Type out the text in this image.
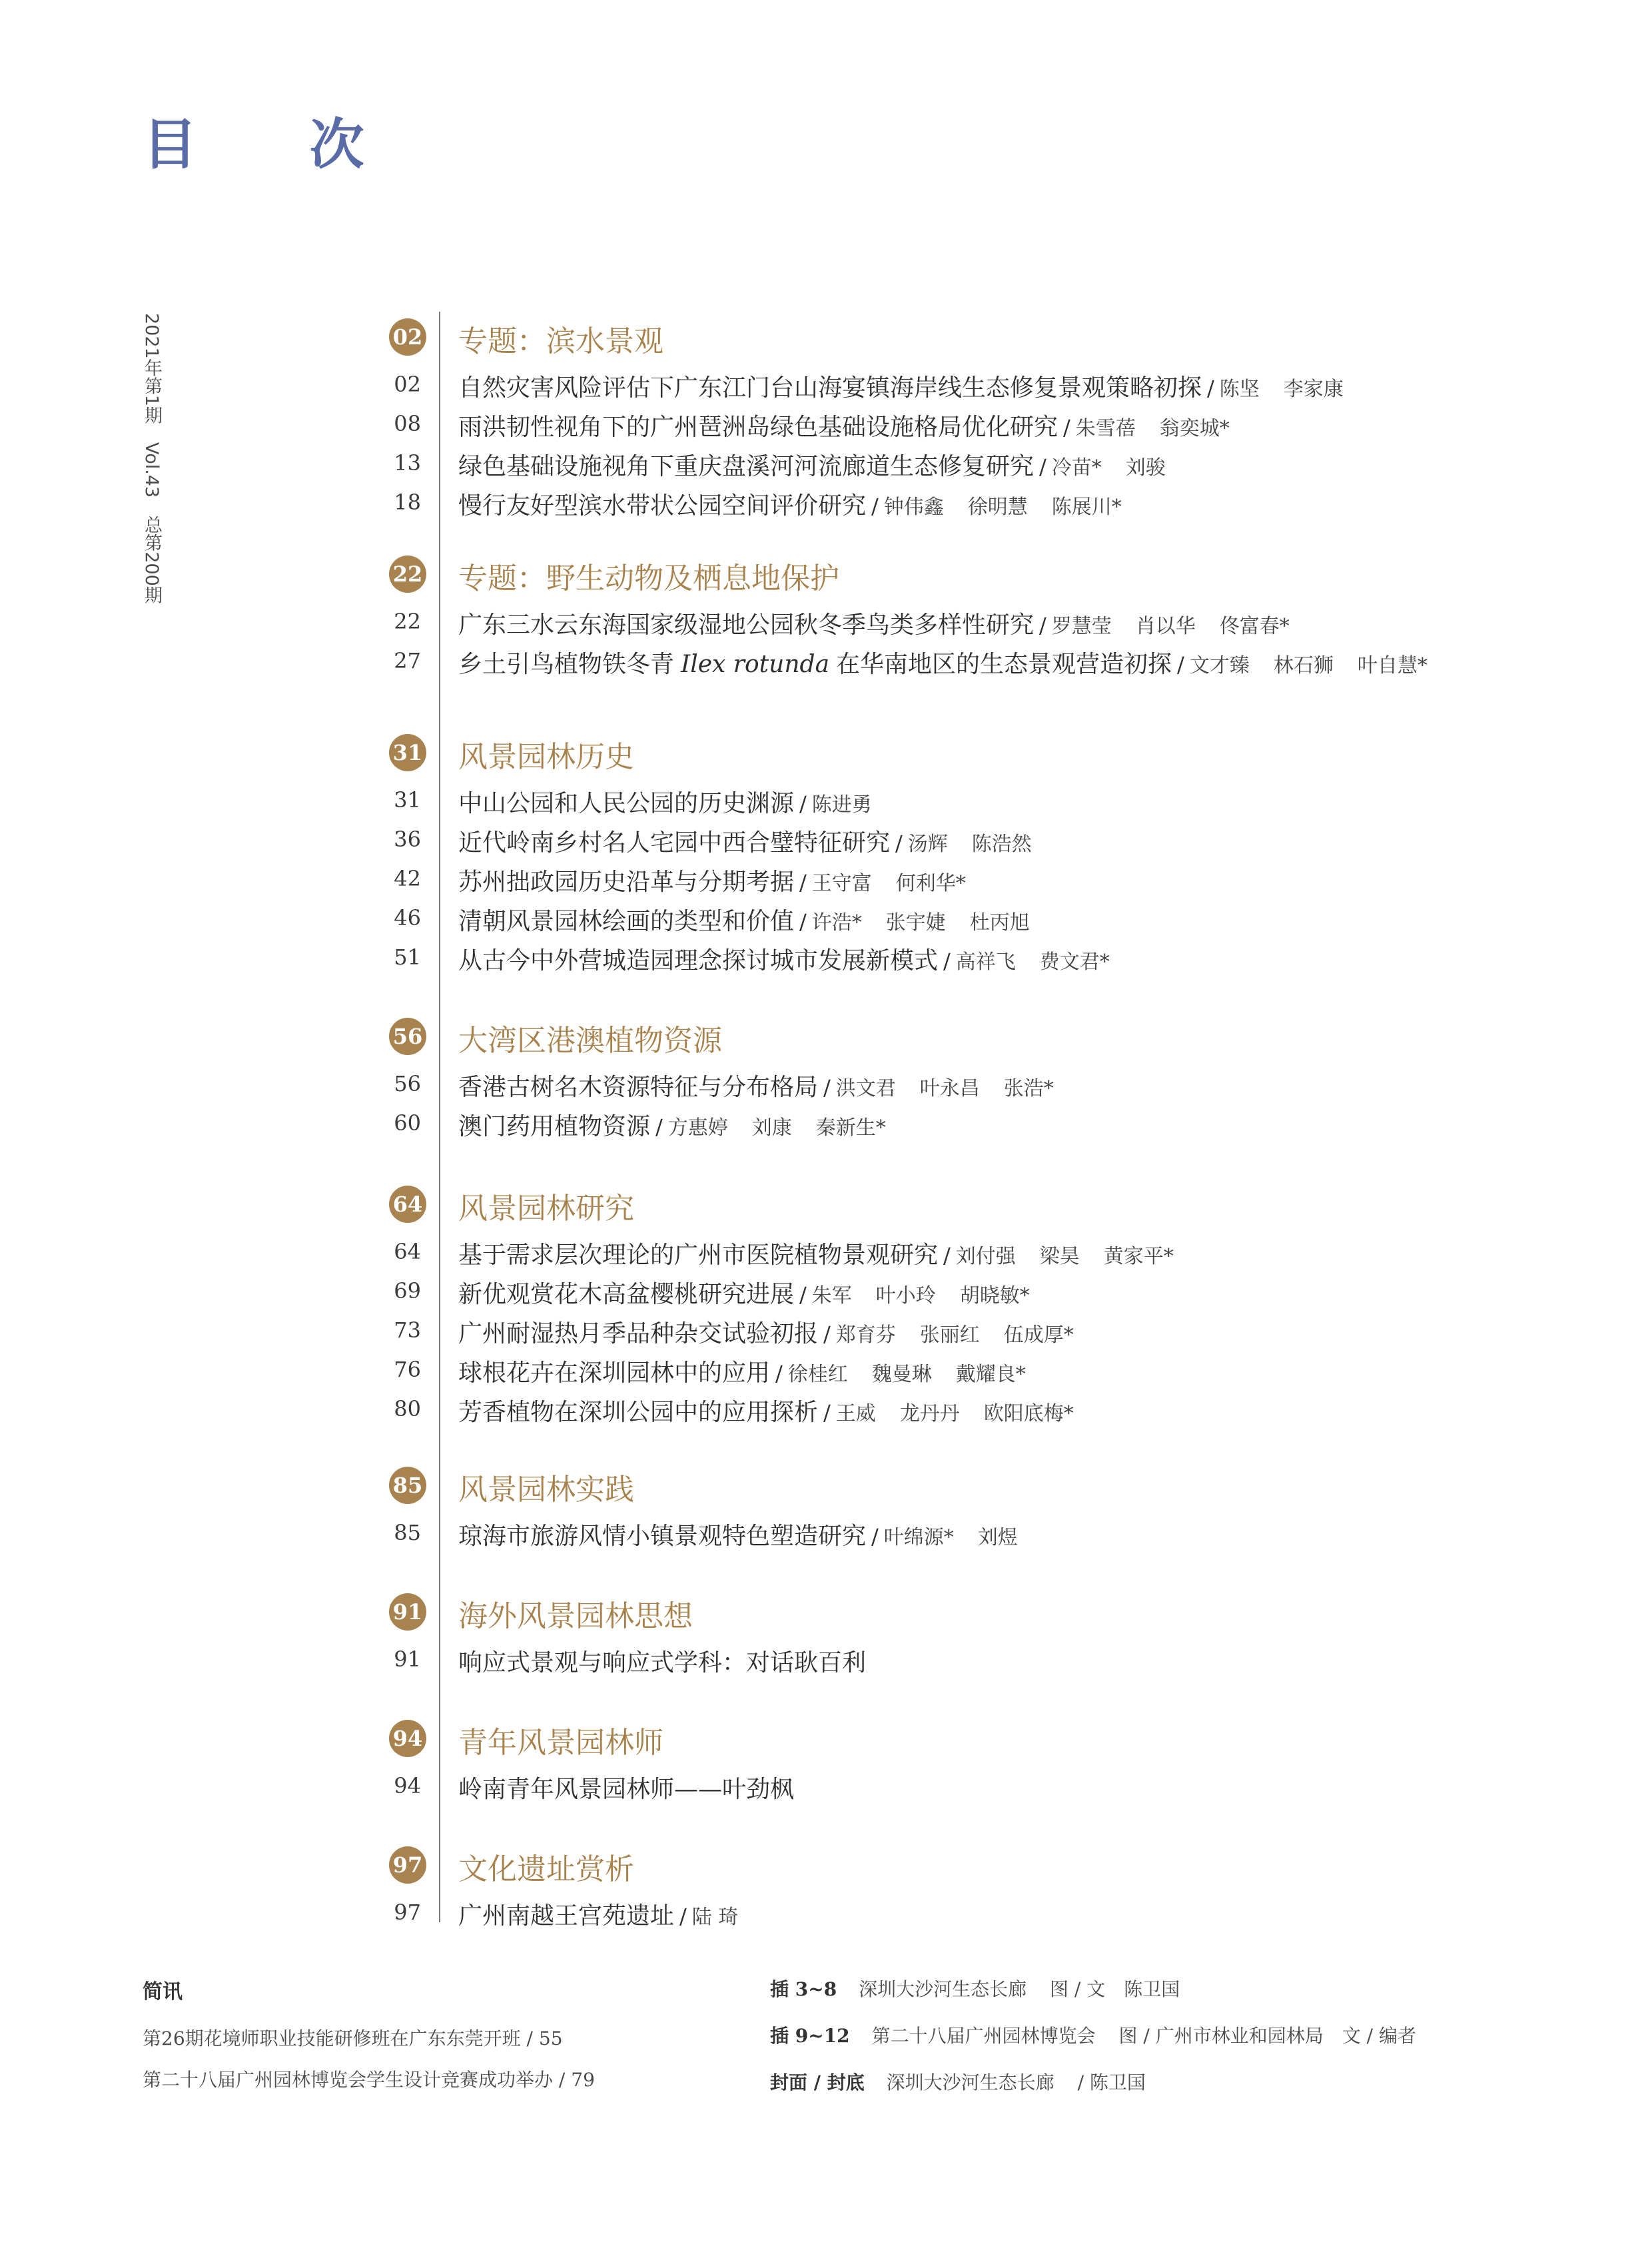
目 次
2021年第1期　Vol.43　总第200期	02 专题：滨水景观
02 自然灾害风险评估下广东江门台山海宴镇海岸线生态修复景观策略初探 / 陈坚 李家康
08 雨洪韧性视角下的广州琶洲岛绿色基础设施格局优化研究 / 朱雪蓓 翁奕城*
13 绿色基础设施视角下重庆盘溪河河流廊道生态修复研究 / 冷苗* 刘骏
18 慢行友好型滨水带状公园空间评价研究 / 钟伟鑫 徐明慧 陈展川*
22 专题：野生动物及栖息地保护
22 广东三水云东海国家级湿地公园秋冬季鸟类多样性研究 / 罗慧莹 肖以华 佟富春*
27 乡土引鸟植物铁冬青 Ilex rotunda 在华南地区的生态景观营造初探 / 文才臻 林石狮 叶自慧*
31 风景园林历史
31 中山公园和人民公园的历史渊源 / 陈进勇
36 近代岭南乡村名人宅园中西合璧特征研究 / 汤辉 陈浩然
42 苏州拙政园历史沿革与分期考据 / 王守富 何利华*
46 清朝风景园林绘画的类型和价值 / 许浩* 张宇婕 杜丙旭
51 从古今中外营城造园理念探讨城市发展新模式 / 高祥飞 费文君*
56 大湾区港澳植物资源
56 香港古树名木资源特征与分布格局 / 洪文君 叶永昌 张浩*
60 澳门药用植物资源 / 方惠婷 刘康 秦新生*
64 风景园林研究
64 基于需求层次理论的广州市医院植物景观研究 / 刘付强 梁昊 黄家平*
69 新优观赏花木高盆樱桃研究进展 / 朱军 叶小玲 胡晓敏*
73 广州耐湿热月季品种杂交试验初报 / 郑育芬 张丽红 伍成厚*
76 球根花卉在深圳园林中的应用 / 徐桂红 魏曼琳 戴耀良*
80 芳香植物在深圳公园中的应用探析 / 王威 龙丹丹 欧阳底梅*
85 风景园林实践
85 琼海市旅游风情小镇景观特色塑造研究 / 叶绵源* 刘煜
91 海外风景园林思想
91 响应式景观与响应式学科：对话耿百利
94 青年风景园林师
94 岭南青年风景园林师——叶劲枫
97 文化遗址赏析
97 广州南越王宫苑遗址 / 陆 琦
简讯
第26期花境师职业技能研修班在广东东莞开班 / 55
第二十八届广州园林博览会学生设计竞赛成功举办 / 79
插 3~8 深圳大沙河生态长廊 图 / 文　陈卫国
插 9~12 第二十八届广州园林博览会 图 / 广州市林业和园林局　文 / 编者
封面 / 封底 深圳大沙河生态长廊 / 陈卫国
